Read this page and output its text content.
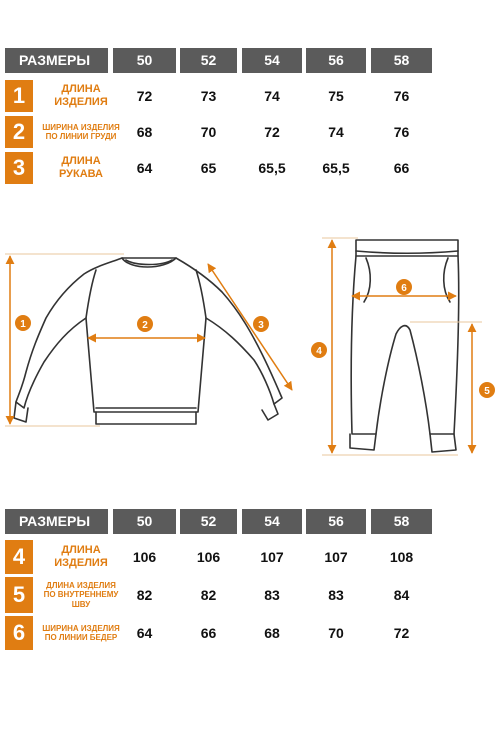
РАЗМЕРЫ	50	52	54	56	58
1	ДЛИНА
ИЗДЕЛИЯ	72	73	74	75	76
2	ШИРИНА ИЗДЕЛИЯ
ПО ЛИНИИ ГРУДИ	68	70	72	74	76
3	ДЛИНА
РУКАВА	64	65	65,5	65,5	66
1	2	3
4
5
6
РАЗМЕРЫ	50	52	54	56	58
4	ДЛИНА
ИЗДЕЛИЯ	106	106	107	107	108
5	ДЛИНА ИЗДЕЛИЯ
ПО ВНУТРЕННЕМУ
ШВУ
82	82	83	83	84
6	ШИРИНА ИЗДЕЛИЯ
ПО ЛИНИИ БЕДЕР	64	66	68	70	72
